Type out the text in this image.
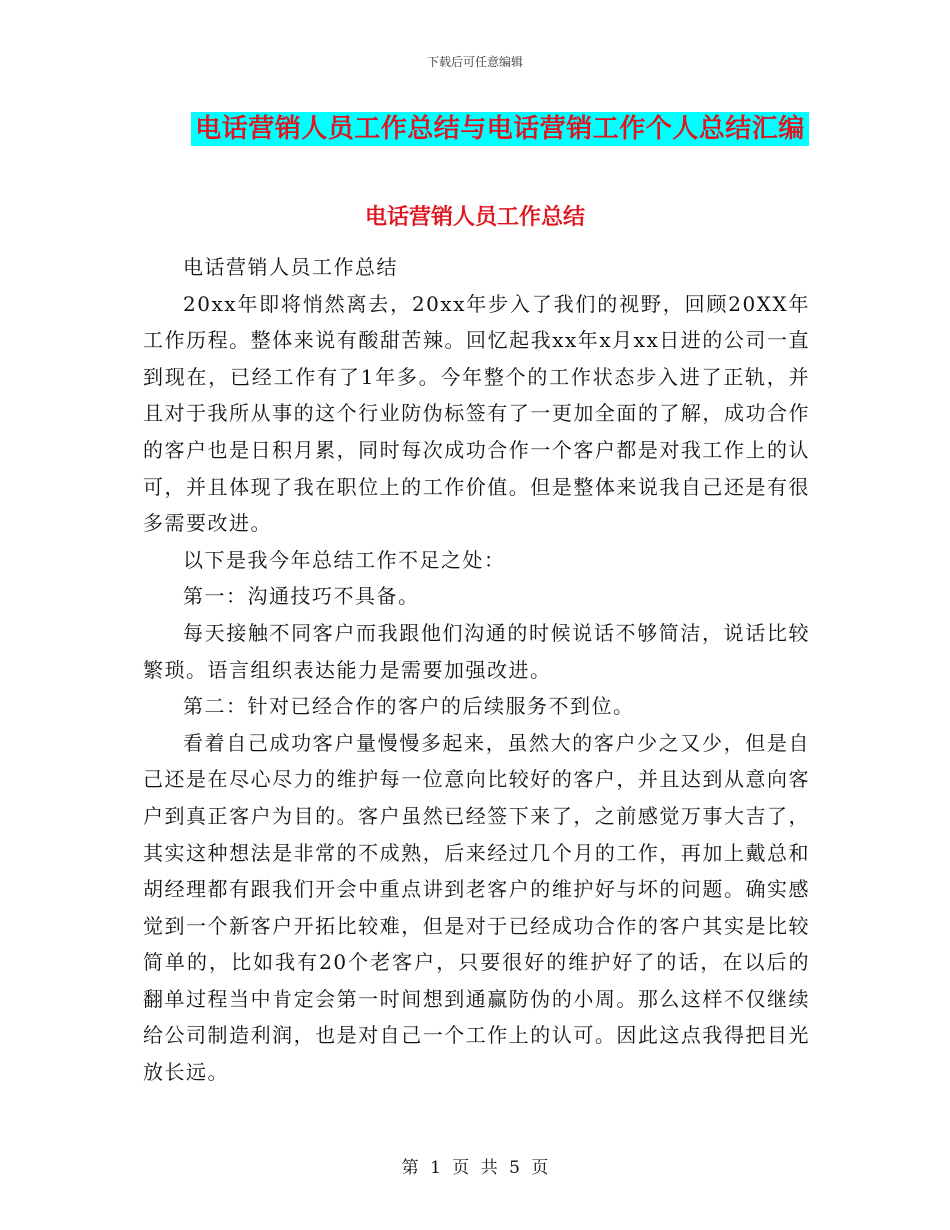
下载后可任意编辑
电话营销人员工作总结与电话营销工作个人总结汇编
电话营销人员工作总结

电话营销人员工作总结

20xx年即将悄然离去，20xx年步入了我们的视野，回顾20XX年工作历程。整体来说有酸甜苦辣。回忆起我xx年x月xx日进的公司一直到现在，已经工作有了1年多。今年整个的工作状态步入进了正轨，并且对于我所从事的这个行业防伪标签有了一更加全面的了解，成功合作的客户也是日积月累，同时每次成功合作一个客户都是对我工作上的认可，并且体现了我在职位上的工作价值。但是整体来说我自己还是有很多需要改进。

以下是我今年总结工作不足之处：

第一：沟通技巧不具备。

每天接触不同客户而我跟他们沟通的时候说话不够简洁，说话比较繁琐。语言组织表达能力是需要加强改进。

第二：针对已经合作的客户的后续服务不到位。

看着自己成功客户量慢慢多起来，虽然大的客户少之又少，但是自己还是在尽心尽力的维护每一位意向比较好的客户，并且达到从意向客户到真正客户为目的。客户虽然已经签下来了，之前感觉万事大吉了，其实这种想法是非常的不成熟，后来经过几个月的工作，再加上戴总和胡经理都有跟我们开会中重点讲到老客户的维护好与坏的问题。确实感觉到一个新客户开拓比较难，但是对于已经成功合作的客户其实是比较简单的，比如我有20个老客户，只要很好的维护好了的话，在以后的翻单过程当中肯定会第一时间想到通赢防伪的小周。那么这样不仅继续给公司制造利润，也是对自己一个工作上的认可。因此这点我得把目光放长远。

第 1 页 共 5 页
